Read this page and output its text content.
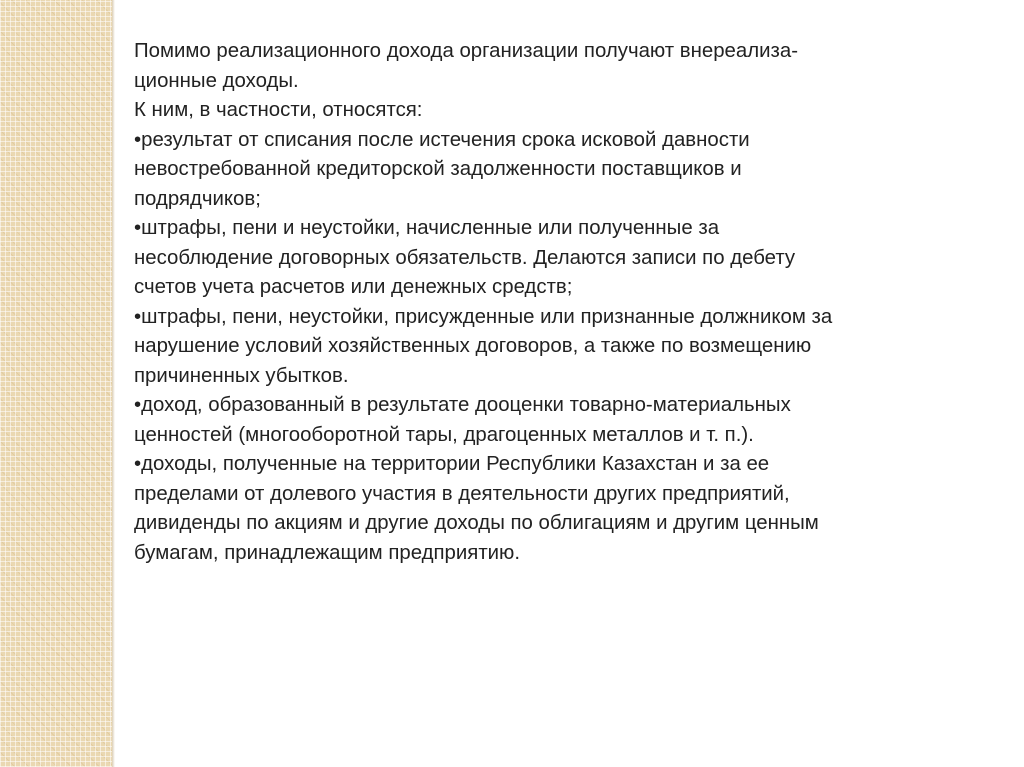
Помимо реализационного дохода организации получают внереализа-

ционные доходы.

К ним, в частности, относятся:

•результат от списания после истечения срока исковой давности

невостребованной кредиторской задолженности поставщиков и

подрядчиков;

•штрафы, пени и неустойки, начисленные или полученные за

несоблюдение договорных обязательств. Делаются записи по дебету

счетов учета расчетов или денежных средств;

•штрафы, пени, неустойки, присужденные или признанные должником за

нарушение условий хозяйственных договоров, а также по возмещению

причиненных убытков.

•доход, образованный в результате дооценки товарно-материальных

ценностей (многооборотной тары, драгоценных металлов и т. п.).

•доходы, полученные на территории Республики Казахстан и за ее

пределами от долевого участия в деятельности других предприятий,

дивиденды по акциям и другие доходы по облигациям и другим ценным

бумагам, принадлежащим предприятию.
